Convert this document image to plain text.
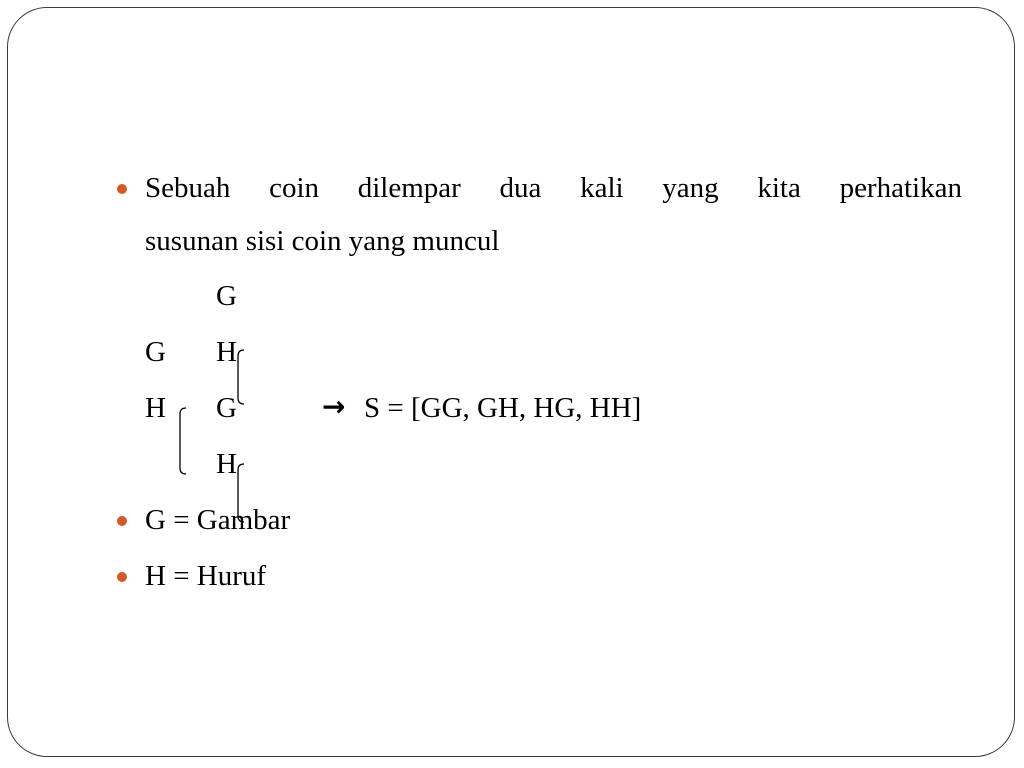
Sebuah coin dilempar dua kali yang kita perhatikan
susunan sisi coin yang muncul
G
G H
H G
H
→ S = [GG, GH, HG, HH]
G = Gambar
H = Huruf
